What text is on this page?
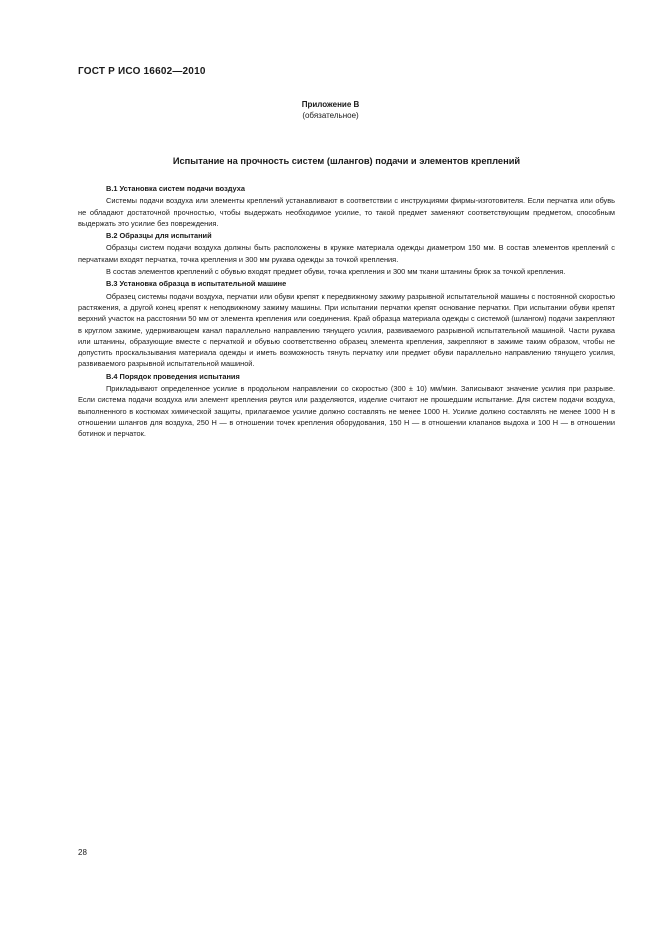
ГОСТ Р ИСО 16602—2010
Приложение В
(обязательное)
Испытание на прочность систем (шлангов) подачи и элементов креплений
В.1 Установка систем подачи воздуха
Системы подачи воздуха или элементы креплений устанавливают в соответствии с инструкциями фирмы-изготовителя. Если перчатка или обувь не обладают достаточной прочностью, чтобы выдержать необходимое усилие, то такой предмет заменяют соответствующим предметом, способным выдержать это усилие без повреждения.
В.2 Образцы для испытаний
Образцы систем подачи воздуха должны быть расположены в кружке материала одежды диаметром 150 мм. В состав элементов креплений с перчатками входят перчатка, точка крепления и 300 мм рукава одежды за точкой крепления.
В состав элементов креплений с обувью входят предмет обуви, точка крепления и 300 мм ткани штанины брюк за точкой крепления.
В.3 Установка образца в испытательной машине
Образец системы подачи воздуха, перчатки или обуви крепят к передвижному зажиму разрывной испытательной машины с постоянной скоростью растяжения, а другой конец крепят к неподвижному зажиму машины. При испытании перчатки крепят основание перчатки. При испытании обуви крепят верхний участок на расстоянии 50 мм от элемента крепления или соединения. Край образца материала одежды с системой (шлангом) подачи закрепляют в круглом зажиме, удерживающем канал параллельно направлению тянущего усилия, развиваемого разрывной испытательной машиной. Части рукава или штанины, образующие вместе с перчаткой и обувью соответственно образец элемента крепления, закрепляют в зажиме таким образом, чтобы не допустить проскальзывания материала одежды и иметь возможность тянуть перчатку или предмет обуви параллельно направлению тянущего усилия, развиваемого разрывной испытательной машиной.
В.4 Порядок проведения испытания
Прикладывают определенное усилие в продольном направлении со скоростью (300 ± 10) мм/мин. Записывают значение усилия при разрыве. Если система подачи воздуха или элемент крепления рвутся или разделяются, изделие считают не прошедшим испытание. Для систем подачи воздуха, выполненного в костюмах химической защиты, прилагаемое усилие должно составлять не менее 1000 Н. Усилие должно составлять не менее 1000 Н в отношении шлангов для воздуха, 250 Н — в отношении точек крепления оборудования, 150 Н — в отношении клапанов выдоха и 100 Н — в отношении ботинок и перчаток.
28
